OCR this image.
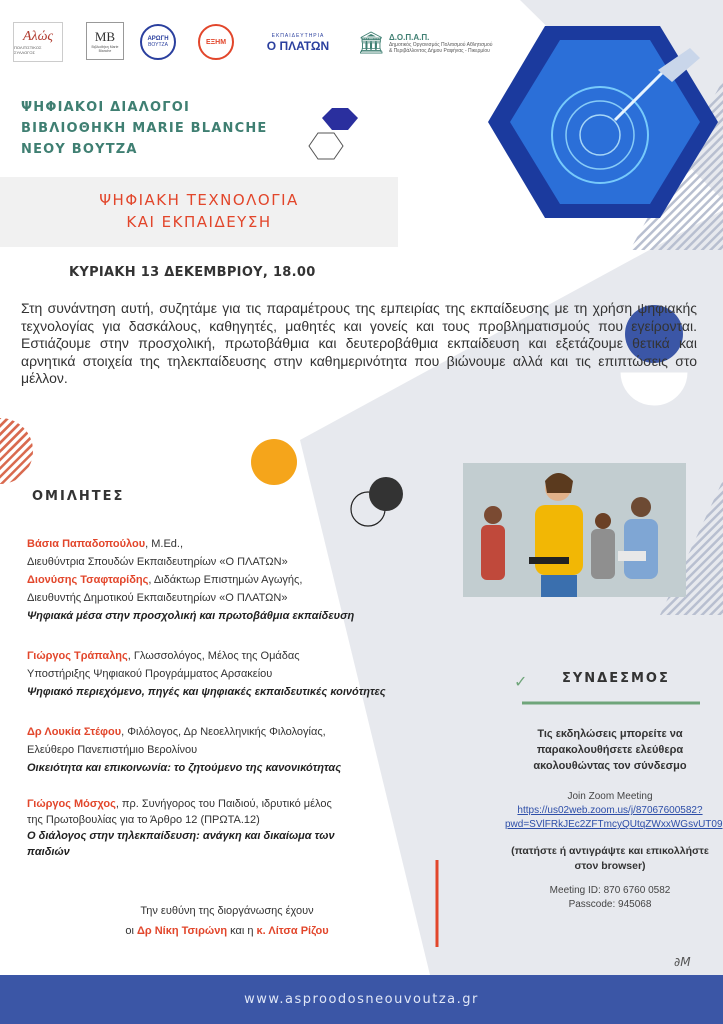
Αλώς
ΠΟΛΙΤΙΣΤΙΚΟΣ ΣΥΛΛΟΓΟΣ
MB
Βιβλιοθήκη Marie Blanche
ΑΡΩΓΗ
ΒΟΥΤΖΑ	ΕΞΗΜ
ΕΚΠΑΙΔΕΥΤΗΡΙΑ
Ο ΠΛΑΤΩΝ 🏛 Δ.Ο.Π.Α.Π.
Δημοτικός Οργανισμός Πολιτισμού Αθλητισμού & Περιβάλλοντος Δήμου Ραφήνας - Πικερμίου
ΨΗΦΙΑΚΟΙ ΔΙΑΛΟΓΟΙ
ΒΙΒΛΙΟΘΗΚΗ MARIE BLANCHE
ΝΕΟΥ ΒΟΥΤΖΑ
ΨΗΦΙΑΚΗ ΤΕΧΝΟΛΟΓΙΑ
ΚΑΙ ΕΚΠΑΙΔΕΥΣΗ
ΚΥΡΙΑΚΗ 13 ΔΕΚΕΜΒΡΙΟΥ, 18.00
Στη συνάντηση αυτή, συζητάμε για τις παραμέτρους της εμπειρίας της εκπαίδευσης με τη χρήση ψηφιακής τεχνολογίας για δασκάλους, καθηγητές, μαθητές και γονείς και τους προβληματισμούς που εγείρονται. Εστιάζουμε στην προσχολική, πρωτοβάθμια και δευτεροβάθμια εκπαίδευση και εξετάζουμε θετικά και αρνητικά στοιχεία της τηλεκπαίδευσης στην καθημερινότητα που βιώνουμε αλλά και τις επιπτώσεις στο μέλλον.
ΟΜΙΛΗΤΕΣ
Βάσια Παπαδοπούλου, M.Ed.,
Διευθύντρια Σπουδών Εκπαιδευτηρίων «Ο ΠΛΑΤΩΝ»
Διονύσης Τσαφταρίδης, Διδάκτωρ Επιστημών Αγωγής,
Διευθυντής Δημοτικού Εκπαιδευτηρίων «Ο ΠΛΑΤΩΝ»
Ψηφιακά μέσα στην προσχολική και πρωτοβάθμια εκπαίδευση
Γιώργος Τράπαλης, Γλωσσολόγος, Μέλος της Ομάδας
Υποστήριξης Ψηφιακού Προγράμματος Αρσακείου
Ψηφιακό περιεχόμενο, πηγές και ψηφιακές εκπαιδευτικές κοινότητες
Δρ Λουκία Στέφου, Φιλόλογος, Δρ Νεοελληνικής Φιλολογίας,
Ελεύθερο Πανεπιστήμιο Βερολίνου
Οικειότητα και επικοινωνία: το ζητούμενο της κανονικότητας
Γιώργος Μόσχος, πρ. Συνήγορος του Παιδιού, ιδρυτικό μέλος
της Πρωτοβουλίας για το Άρθρο 12 (ΠΡΩΤΑ.12)
Ο διάλογος στην τηλεκπαίδευση: ανάγκη και δικαίωμα των παιδιών
Την ευθύνη της διοργάνωσης έχουν
οι Δρ Νίκη Τσιρώνη και η κ. Λίτσα Ρίζου
✓	ΣΥΝΔΕΣΜΟΣ
Τις εκδηλώσεις μπορείτε να παρακολουθήσετε ελεύθερα ακολουθώντας τον σύνδεσμο
Join Zoom Meeting
https://us02web.zoom.us/j/87067600582?
pwd=SVlFRkJEc2ZFTmcyQUtqZWxxWGsvUT09
(πατήστε ή αντιγράψτε και επικολλήστε στον browser)
Meeting ID: 870 6760 0582
Passcode: 945068
∂M
www.asproodosneouvoutza.gr
